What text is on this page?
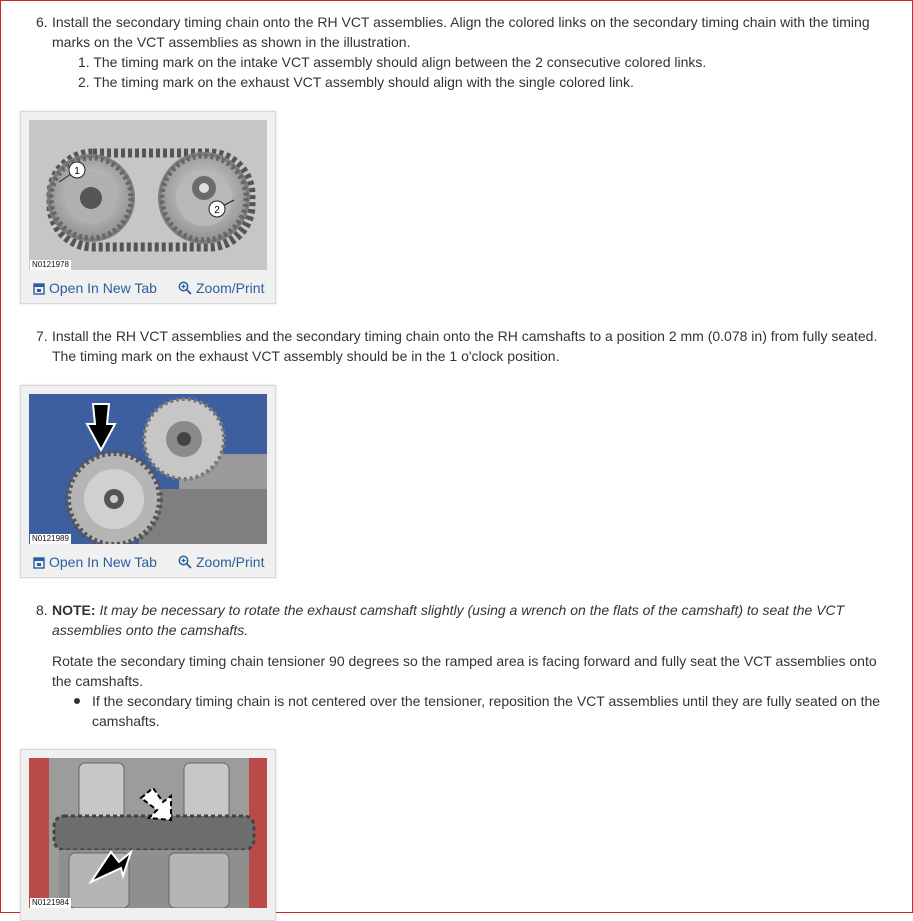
6. Install the secondary timing chain onto the RH VCT assemblies. Align the colored links on the secondary timing chain with the timing
marks on the VCT assemblies as shown in the illustration.
1. The timing mark on the intake VCT assembly should align between the 2 consecutive colored links.
2. The timing mark on the exhaust VCT assembly should align with the single colored link.
1
2
N0121978
Open In New Tab	Zoom/Print
7. Install the RH VCT assemblies and the secondary timing chain onto the RH camshafts to a position 2 mm (0.078 in) from fully seated.
The timing mark on the exhaust VCT assembly should be in the 1 o'clock position.
N0121989
Open In New Tab	Zoom/Print
8. NOTE: It may be necessary to rotate the exhaust camshaft slightly (using a wrench on the flats of the camshaft) to seat the VCT
assemblies onto the camshafts.
Rotate the secondary timing chain tensioner 90 degrees so the ramped area is facing forward and fully seat the VCT assemblies onto
the camshafts.
If the secondary timing chain is not centered over the tensioner, reposition the VCT assemblies until they are fully seated on the
camshafts.
N0121984
